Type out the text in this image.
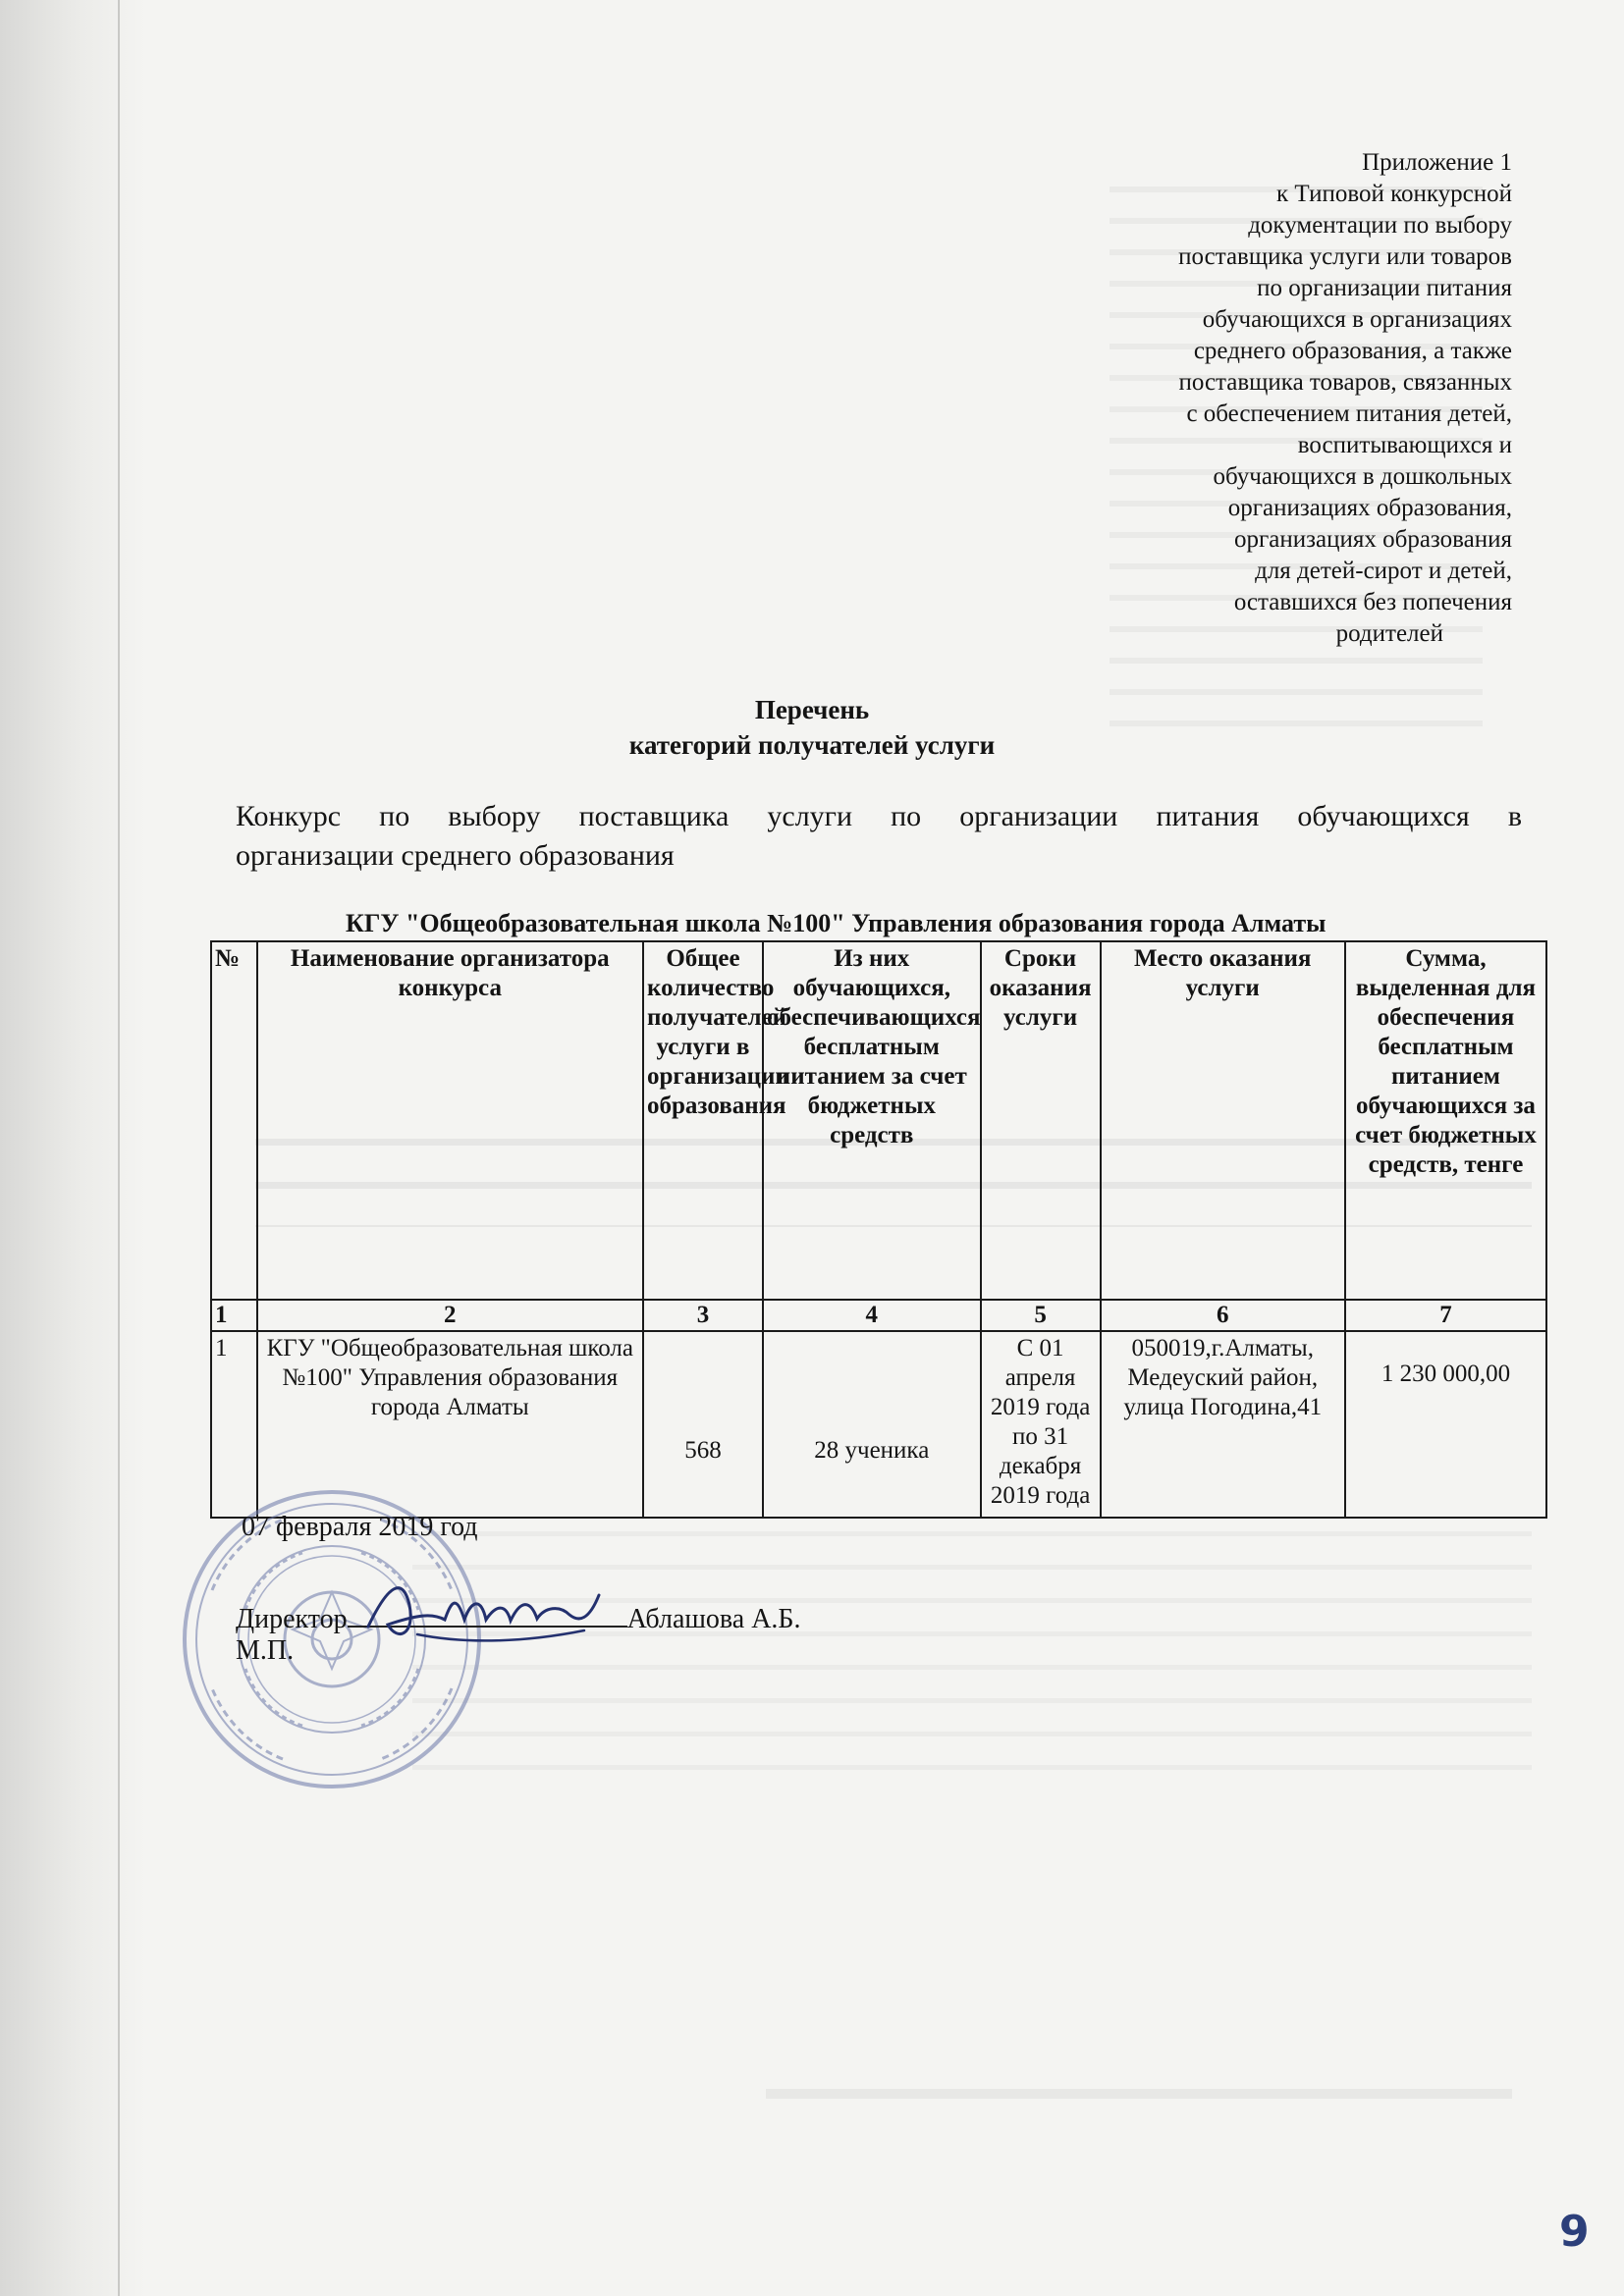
Приложение 1
к Типовой конкурсной
документации по выбору
поставщика услуги или товаров
по организации питания
обучающихся в организациях
среднего образования, а также
поставщика товаров, связанных
с обеспечением питания детей,
воспитывающихся и
обучающихся в дошкольных
организациях образования,
организациях образования
для детей-сирот и детей,
оставшихся без попечения
родителей
Перечень
категорий получателей услуги
Конкурс по выбору поставщика услуги по организации питания обучающихся в
организации среднего образования
КГУ "Общеобразовательная школа №100" Управления образования города Алматы
№	Наименование организатора конкурса	Общее количество получателей услуги в организации образования	Из них обучающихся, обеспечивающихся бесплатным питанием за счет бюджетных средств	Сроки оказания услуги	Место оказания услуги	Сумма, выделенная для обеспечения бесплатным питанием обучающихся за счет бюджетных средств, тенге
1	2	3	4	5	6	7
1	КГУ "Общеобразовательная школа №100" Управления образования города Алматы	568	28 ученика	С 01 апреля 2019 года по 31 декабря 2019 года	050019,г.Алматы, Медеуский район, улица Погодина,41	1 230 000,00
07 февраля 2019 год
Директор	Аблашова А.Б.
М.П.
9
